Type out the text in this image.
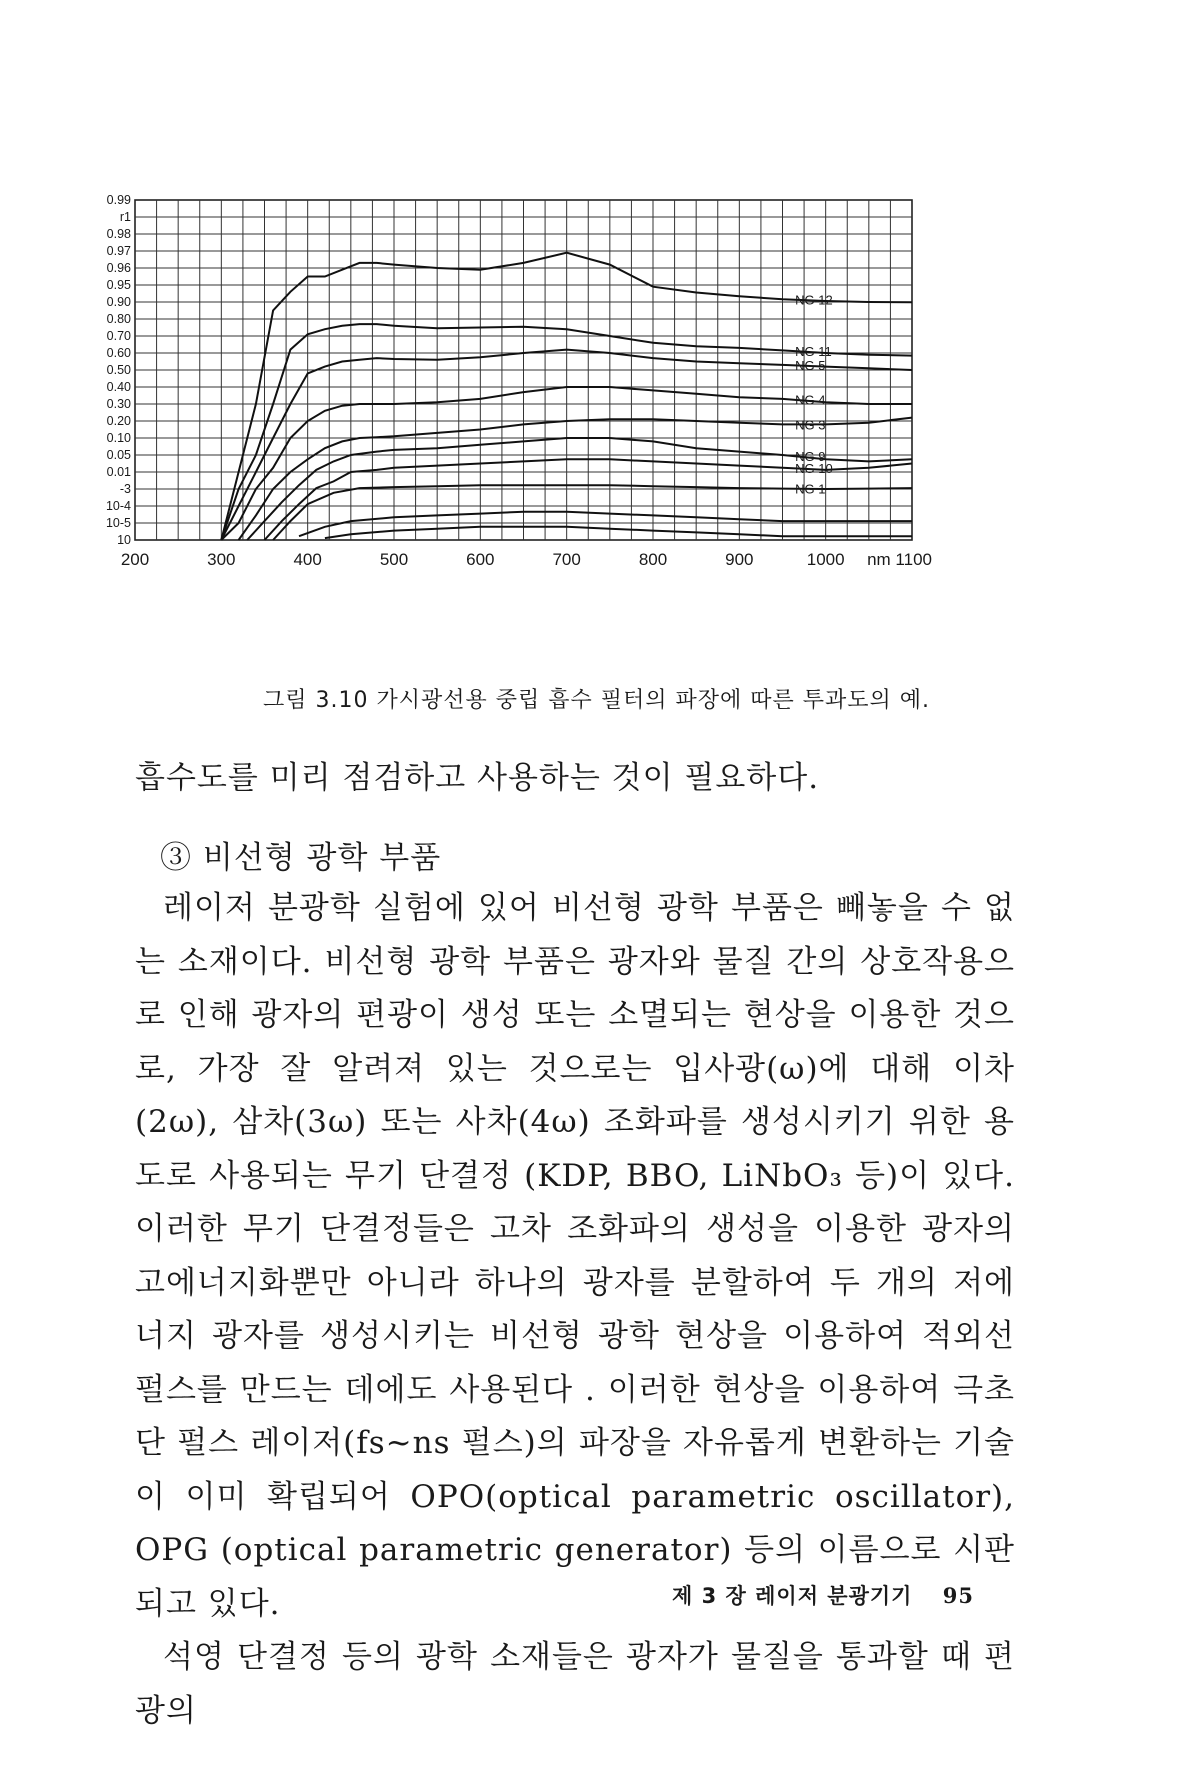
0.99
r1
0.98
0.97
0.96
0.95
0.90
0.80
0.70
0.60
0.50
0.40
0.30
0.20
0.10
0.05
0.01
-3
10-4
10-5
10
200	300	400	500	600	700	800	900	1000 nm 1100
NG 12
NG 11
NG 5
NG 4
NG 3
NG 9
NG 10
NG 1
그림 3.10 가시광선용 중립 흡수 필터의 파장에 따른 투과도의 예.
흡수도를 미리 점검하고 사용하는 것이 필요하다.
③ 비선형 광학 부품

레이저 분광학 실험에 있어 비선형 광학 부품은 빼놓을 수 없는 소재이다. 비선형 광학 부품은 광자와 물질 간의 상호작용으로 인해 광자의 편광이 생성 또는 소멸되는 현상을 이용한 것으로, 가장 잘 알려져 있는 것으로는 입사광(ω)에 대해 이차(2ω), 삼차(3ω) 또는 사차(4ω) 조화파를 생성시키기 위한 용도로 사용되는 무기 단결정 (KDP, BBO, LiNbO₃ 등)이 있다. 이러한 무기 단결정들은 고차 조화파의 생성을 이용한 광자의 고에너지화뿐만 아니라 하나의 광자를 분할하여 두 개의 저에너지 광자를 생성시키는 비선형 광학 현상을 이용하여 적외선 펄스를 만드는 데에도 사용된다 . 이러한 현상을 이용하여 극초단 펄스 레이저(fs~ns 펄스)의 파장을 자유롭게 변환하는 기술이 이미 확립되어 OPO(optical parametric oscillator), OPG (optical parametric generator) 등의 이름으로 시판되고 있다.

석영 단결정 등의 광학 소재들은 광자가 물질을 통과할 때 편광의

제 3 장 레이저 분광기기 95
